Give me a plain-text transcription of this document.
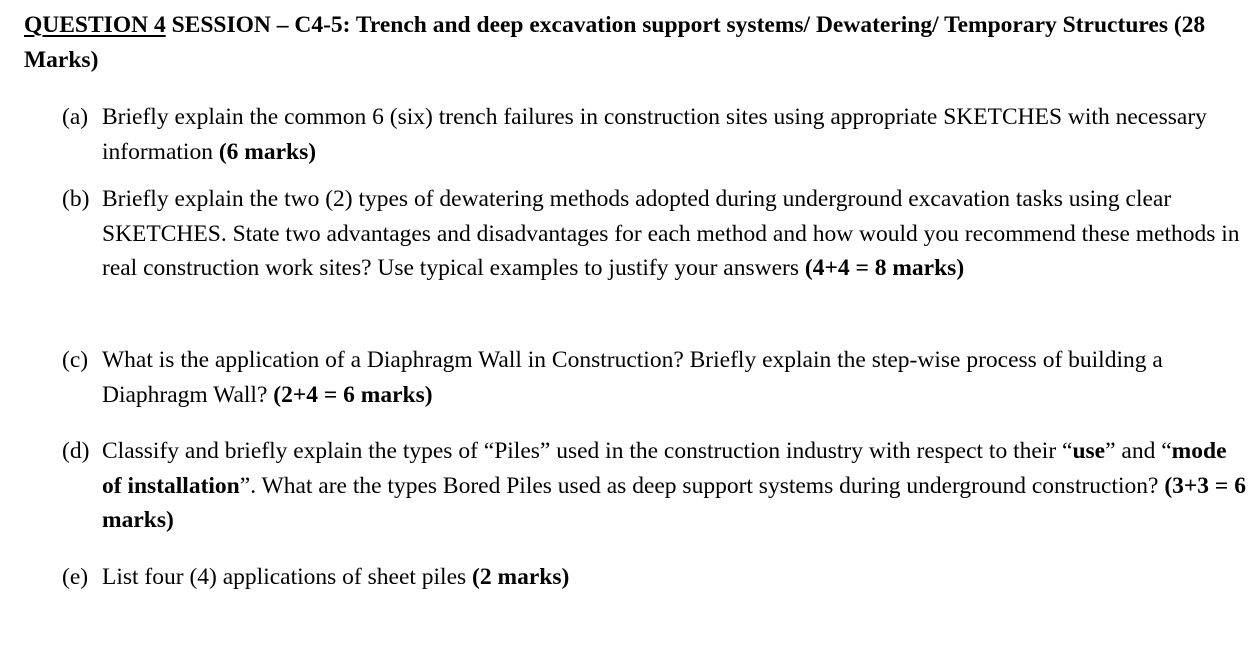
QUESTION 4 SESSION – C4-5: Trench and deep excavation support systems/ Dewatering/ Temporary Structures (28 Marks)
(a) Briefly explain the common 6 (six) trench failures in construction sites using appropriate SKETCHES with necessary information (6 marks)
(b) Briefly explain the two (2) types of dewatering methods adopted during underground excavation tasks using clear SKETCHES. State two advantages and disadvantages for each method and how would you recommend these methods in real construction work sites? Use typical examples to justify your answers (4+4 = 8 marks)
(c) What is the application of a Diaphragm Wall in Construction? Briefly explain the step-wise process of building a Diaphragm Wall? (2+4 = 6 marks)
(d) Classify and briefly explain the types of “Piles” used in the construction industry with respect to their “use” and “mode of installation”. What are the types Bored Piles used as deep support systems during underground construction? (3+3 = 6 marks)
(e) List four (4) applications of sheet piles (2 marks)
